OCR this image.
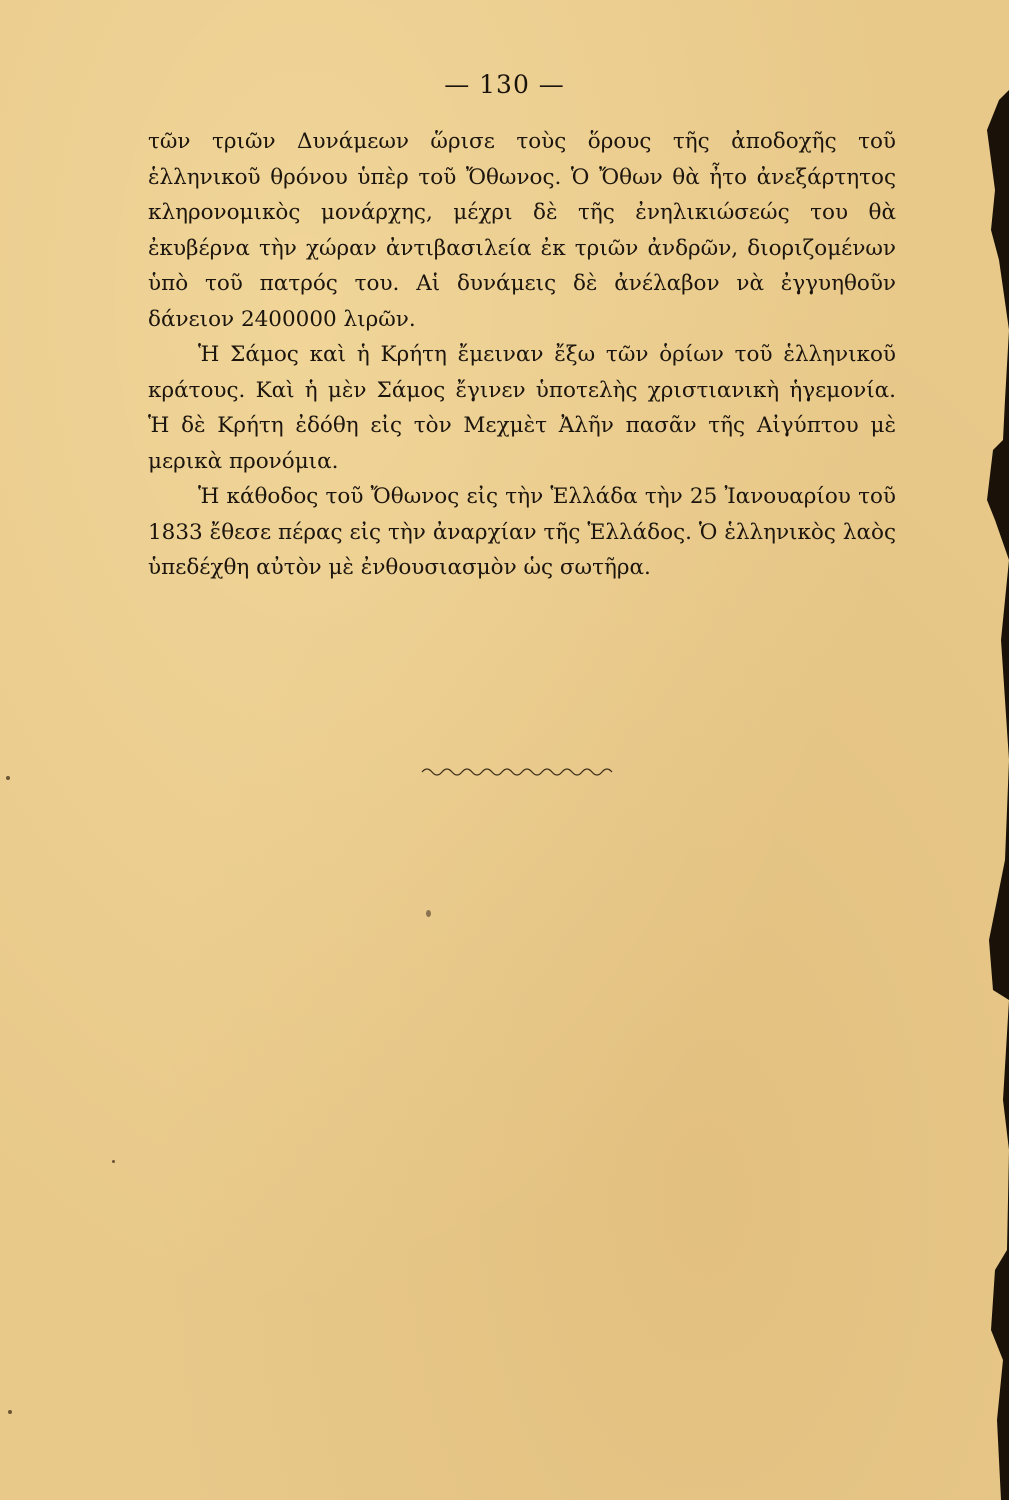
— 130 —

τῶν τριῶν Δυνάμεων ὥρισε τοὺς ὅρους τῆς ἀποδοχῆς τοῦ ἑλληνικοῦ θρόνου ὑπὲρ τοῦ Ὄθωνος. Ὁ Ὄθων θὰ ἦτο ἀνεξάρτητος κληρονομικὸς μονάρχης, μέχρι δὲ τῆς ἐνηλικιώσεώς του θὰ ἐκυβέρνα τὴν χώραν ἀντιβασιλεία ἐκ τριῶν ἀνδρῶν, διοριζομένων ὑπὸ τοῦ πατρός του. Αἱ δυνάμεις δὲ ἀνέλαβον νὰ ἐγγυηθοῦν δάνειον 2400000 λιρῶν.

Ἡ Σάμος καὶ ἡ Κρήτη ἔμειναν ἔξω τῶν ὁρίων τοῦ ἑλληνικοῦ κράτους. Καὶ ἡ μὲν Σάμος ἔγινεν ὑποτελὴς χριστιανικὴ ἡγεμονία. Ἡ δὲ Κρήτη ἐδόθη εἰς τὸν Μεχμὲτ Ἀλῆν πασᾶν τῆς Αἰγύπτου μὲ μερικὰ προνόμια.

Ἡ κάθοδος τοῦ Ὄθωνος εἰς τὴν Ἑλλάδα τὴν 25 Ἰανουαρίου τοῦ 1833 ἔθεσε πέρας εἰς τὴν ἀναρχίαν τῆς Ἑλλάδος. Ὁ ἑλληνικὸς λαὸς ὑπεδέχθη αὐτὸν μὲ ἐνθουσιασμὸν ὡς σωτῆρα.
